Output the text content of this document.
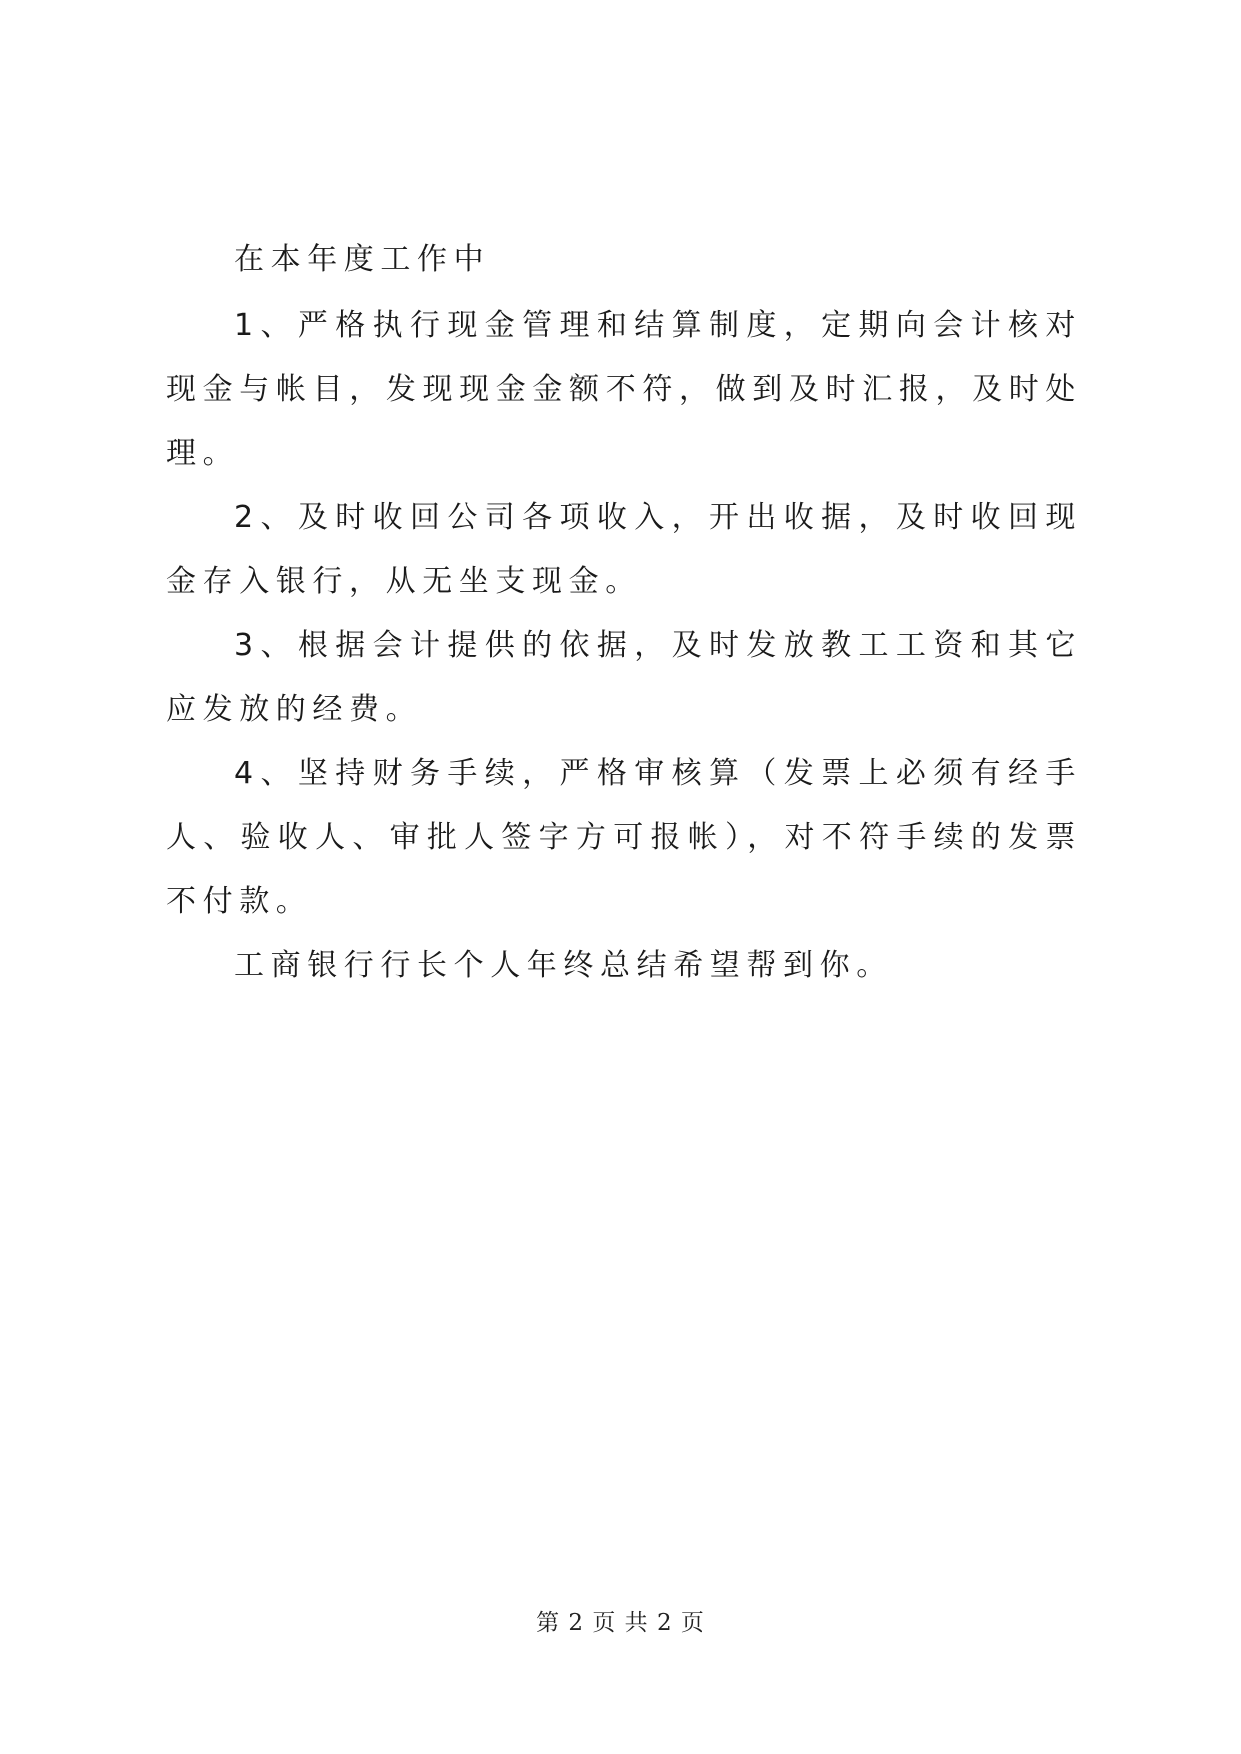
在本年度工作中

1、严格执行现金管理和结算制度，定期向会计核对现金与帐目，发现现金金额不符，做到及时汇报，及时处理。

2、及时收回公司各项收入，开出收据，及时收回现金存入银行，从无坐支现金。

3、根据会计提供的依据，及时发放教工工资和其它应发放的经费。

4、坚持财务手续，严格审核算（发票上必须有经手人、验收人、审批人签字方可报帐），对不符手续的发票不付款。

工商银行行长个人年终总结希望帮到你。

第 2 页 共 2 页
